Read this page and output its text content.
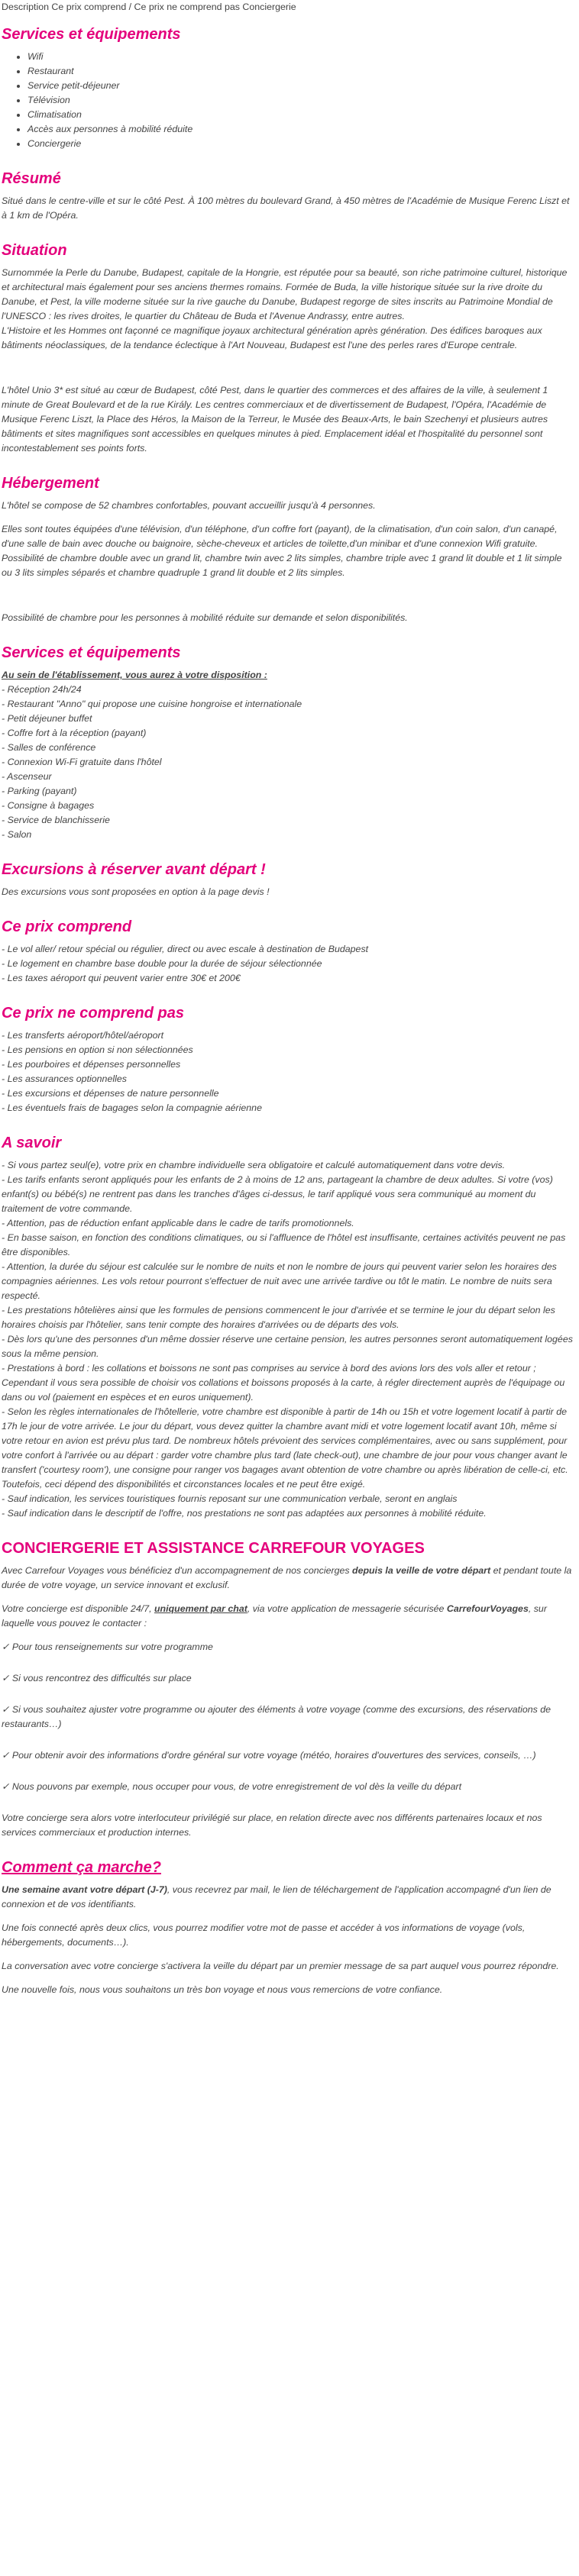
Description Ce prix comprend / Ce prix ne comprend pas Conciergerie
Services et équipements
• Wifi
• Restaurant
• Service petit-déjeuner
• Télévision
• Climatisation
• Accès aux personnes à mobilité réduite
• Conciergerie
Résumé

Situé dans le centre-ville et sur le côté Pest. À 100 mètres du boulevard Grand, à 450 mètres de l'Académie de Musique Ferenc Liszt et à 1 km de l'Opéra.

Situation
Surnommée la Perle du Danube, Budapest, capitale de la Hongrie, est réputée pour sa beauté, son riche patrimoine culturel, historique et architectural mais également pour ses anciens thermes romains. Formée de Buda, la ville historique située sur la rive droite du Danube, et Pest, la ville moderne située sur la rive gauche du Danube, Budapest regorge de sites inscrits au Patrimoine Mondial de l'UNESCO : les rives droites, le quartier du Château de Buda et l'Avenue Andrassy, entre autres.
L'Histoire et les Hommes ont façonné ce magnifique joyaux architectural génération après génération. Des édifices baroques aux bâtiments néoclassiques, de la tendance éclectique à l'Art Nouveau, Budapest est l'une des perles rares d'Europe centrale.

L'hôtel Unio 3* est situé au cœur de Budapest, côté Pest, dans le quartier des commerces et des affaires de la ville, à seulement 1 minute de Great Boulevard et de la rue Király. Les centres commerciaux et de divertissement de Budapest, l'Opéra, l'Académie de Musique Ferenc Liszt, la Place des Héros, la Maison de la Terreur, le Musée des Beaux-Arts, le bain Szechenyi et plusieurs autres bâtiments et sites magnifiques sont accessibles en quelques minutes à pied. Emplacement idéal et l'hospitalité du personnel sont incontestablement ses points forts.

Hébergement

L'hôtel se compose de 52 chambres confortables, pouvant accueillir jusqu'à 4 personnes.

Elles sont toutes équipées d'une télévision, d'un téléphone, d'un coffre fort (payant), de la climatisation, d'un coin salon, d'un canapé, d'une salle de bain avec douche ou baignoire, sèche-cheveux et articles de toilette,d'un minibar et d'une connexion Wifi gratuite.
Possibilité de chambre double avec un grand lit, chambre twin avec 2 lits simples, chambre triple avec 1 grand lit double et 1 lit simple ou 3 lits simples séparés et chambre quadruple 1 grand lit double et 2 lits simples.

Possibilité de chambre pour les personnes à mobilité réduite sur demande et selon disponibilités.

Services et équipements
Au sein de l'établissement, vous aurez à votre disposition :
- Réception 24h/24
- Restaurant "Anno" qui propose une cuisine hongroise et internationale
- Petit déjeuner buffet
- Coffre fort à la réception (payant)
- Salles de conférence
- Connexion Wi-Fi gratuite dans l'hôtel
- Ascenseur
- Parking (payant)
- Consigne à bagages
- Service de blanchisserie
- Salon
Excursions à réserver avant départ !

Des excursions vous sont proposées en option à la page devis !

Ce prix comprend
- Le vol aller/ retour spécial ou régulier, direct ou avec escale à destination de Budapest
- Le logement en chambre base double pour la durée de séjour sélectionnée
- Les taxes aéroport qui peuvent varier entre 30€ et 200€
Ce prix ne comprend pas
- Les transferts aéroport/hôtel/aéroport
- Les pensions en option si non sélectionnées
- Les pourboires et dépenses personnelles
- Les assurances optionnelles
- Les excursions et dépenses de nature personnelle
- Les éventuels frais de bagages selon la compagnie aérienne
A savoir
- Si vous partez seul(e), votre prix en chambre individuelle sera obligatoire et calculé automatiquement dans votre devis.
- Les tarifs enfants seront appliqués pour les enfants de 2 à moins de 12 ans, partageant la chambre de deux adultes. Si votre (vos) enfant(s) ou bébé(s) ne rentrent pas dans les tranches d'âges ci-dessus, le tarif appliqué vous sera communiqué au moment du traitement de votre commande.
- Attention, pas de réduction enfant applicable dans le cadre de tarifs promotionnels.
- En basse saison, en fonction des conditions climatiques, ou si l'affluence de l'hôtel est insuffisante, certaines activités peuvent ne pas être disponibles.
- Attention, la durée du séjour est calculée sur le nombre de nuits et non le nombre de jours qui peuvent varier selon les horaires des compagnies aériennes. Les vols retour pourront s'effectuer de nuit avec une arrivée tardive ou tôt le matin. Le nombre de nuits sera respecté.
- Les prestations hôtelières ainsi que les formules de pensions commencent le jour d'arrivée et se termine le jour du départ selon les horaires choisis par l'hôtelier, sans tenir compte des horaires d'arrivées ou de départs des vols.
- Dès lors qu'une des personnes d'un même dossier réserve une certaine pension, les autres personnes seront automatiquement logées sous la même pension.
- Prestations à bord : les collations et boissons ne sont pas comprises au service à bord des avions lors des vols aller et retour ; Cependant il vous sera possible de choisir vos collations et boissons proposés à la carte, à régler directement auprès de l'équipage ou dans ou vol (paiement en espèces et en euros uniquement).
- Selon les règles internationales de l'hôtellerie, votre chambre est disponible à partir de 14h ou 15h et votre logement locatif à partir de 17h le jour de votre arrivée. Le jour du départ, vous devez quitter la chambre avant midi et votre logement locatif avant 10h, même si votre retour en avion est prévu plus tard. De nombreux hôtels prévoient des services complémentaires, avec ou sans supplément, pour votre confort à l'arrivée ou au départ : garder votre chambre plus tard (late check-out), une chambre de jour pour vous changer avant le transfert ('courtesy room'), une consigne pour ranger vos bagages avant obtention de votre chambre ou après libération de celle-ci, etc. Toutefois, ceci dépend des disponibilités et circonstances locales et ne peut être exigé.
- Sauf indication, les services touristiques fournis reposant sur une communication verbale, seront en anglais
- Sauf indication dans le descriptif de l'offre, nos prestations ne sont pas adaptées aux personnes à mobilité réduite.
CONCIERGERIE ET ASSISTANCE CARREFOUR VOYAGES

Avec Carrefour Voyages vous bénéficiez d'un accompagnement de nos concierges depuis la veille de votre départ et pendant toute la durée de votre voyage, un service innovant et exclusif.

Votre concierge est disponible 24/7, uniquement par chat, via votre application de messagerie sécurisée CarrefourVoyages, sur laquelle vous pouvez le contacter :

✓ Pour tous renseignements sur votre programme
✓ Si vous rencontrez des difficultés sur place
✓ Si vous souhaitez ajuster votre programme ou ajouter des éléments à votre voyage (comme des excursions, des réservations de restaurants…)
✓ Pour obtenir avoir des informations d'ordre général sur votre voyage (météo, horaires d'ouvertures des services, conseils, …)
✓ Nous pouvons par exemple, nous occuper pour vous, de votre enregistrement de vol dès la veille du départ

Votre concierge sera alors votre interlocuteur privilégié sur place, en relation directe avec nos différents partenaires locaux et nos services commerciaux et production internes.

Comment ça marche?

Une semaine avant votre départ (J-7), vous recevrez par mail, le lien de téléchargement de l'application accompagné d'un lien de connexion et de vos identifiants.

Une fois connecté après deux clics, vous pourrez modifier votre mot de passe et accéder à vos informations de voyage (vols, hébergements, documents…).

La conversation avec votre concierge s'activera la veille du départ par un premier message de sa part auquel vous pourrez répondre.

Une nouvelle fois, nous vous souhaitons un très bon voyage et nous vous remercions de votre confiance.
